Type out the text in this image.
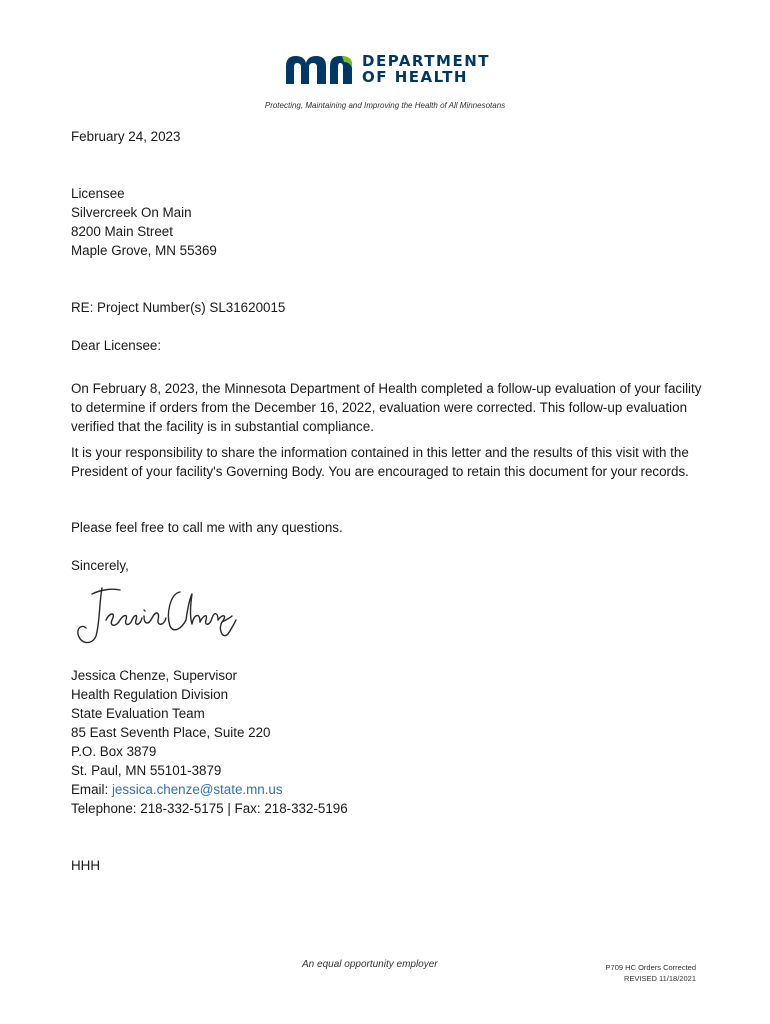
DEPARTMENT
OF HEALTH
Protecting, Maintaining and Improving the Health of All Minnesotans
February 24, 2023
Licensee
Silvercreek On Main
8200 Main Street
Maple Grove, MN 55369
RE: Project Number(s) SL31620015
Dear Licensee:
On February 8, 2023, the Minnesota Department of Health completed a follow-up evaluation of your facility to determine if orders from the December 16, 2022, evaluation were corrected. This follow-up evaluation verified that the facility is in substantial compliance.
It is your responsibility to share the information contained in this letter and the results of this visit with the President of your facility's Governing Body. You are encouraged to retain this document for your records.
Please feel free to call me with any questions.
Sincerely,
Jessica Chenze, Supervisor
Health Regulation Division
State Evaluation Team
85 East Seventh Place, Suite 220
P.O. Box 3879
St. Paul, MN 55101-3879
Email: jessica.chenze@state.mn.us
Telephone: 218-332-5175 | Fax: 218-332-5196
HHH
An equal opportunity employer	P709 HC Orders Corrected
REVISED 11/18/2021
